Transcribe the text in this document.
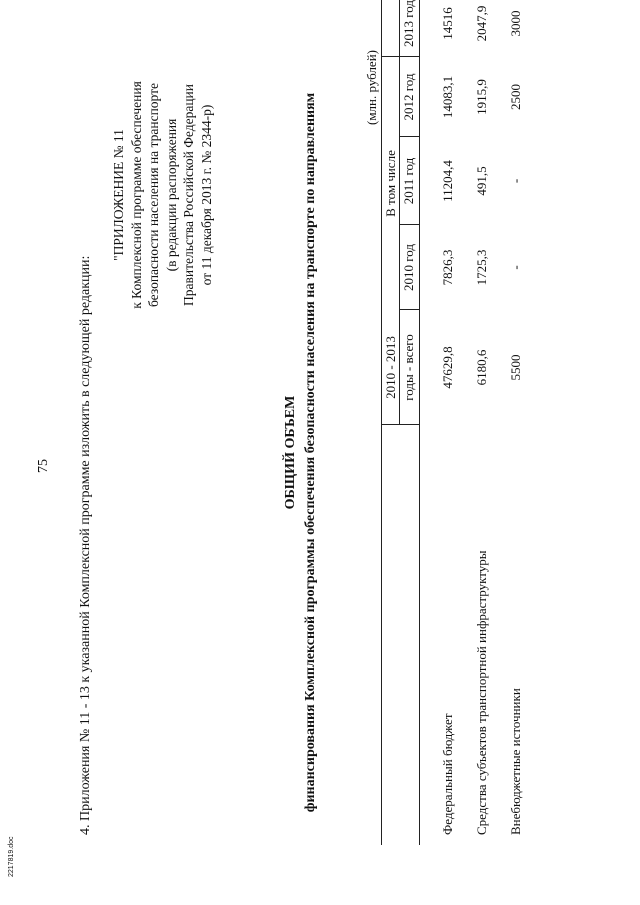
75 4. Приложения № 11 - 13 к указанной Комплексной программе изложить в следующей редакции:
"ПРИЛОЖЕНИЕ № 11 к Комплексной программе обеспечения безопасности населения на транспорте (в редакции распоряжения Правительства Российской Федерации от 11 декабря 2013 г. № 2344-р)
ОБЩИЙ ОБЪЕМ финансирования Комплексной программы обеспечения безопасности населения на транспорте по направлениям
(млн. рублей)
2010 - 2013 годы - всего
В том числе
2010 год
2011 год
2012 год
2013 год
Федеральный бюджет
47629,8
7826,3
11204,4
14083,1
14516
Средства субъектов транспортной инфраструктуры
6180,6
1725,3
491,5
1915,9
2047,9
Внебюджетные источники
5500
-
-
2500
3000
2217819.doc
